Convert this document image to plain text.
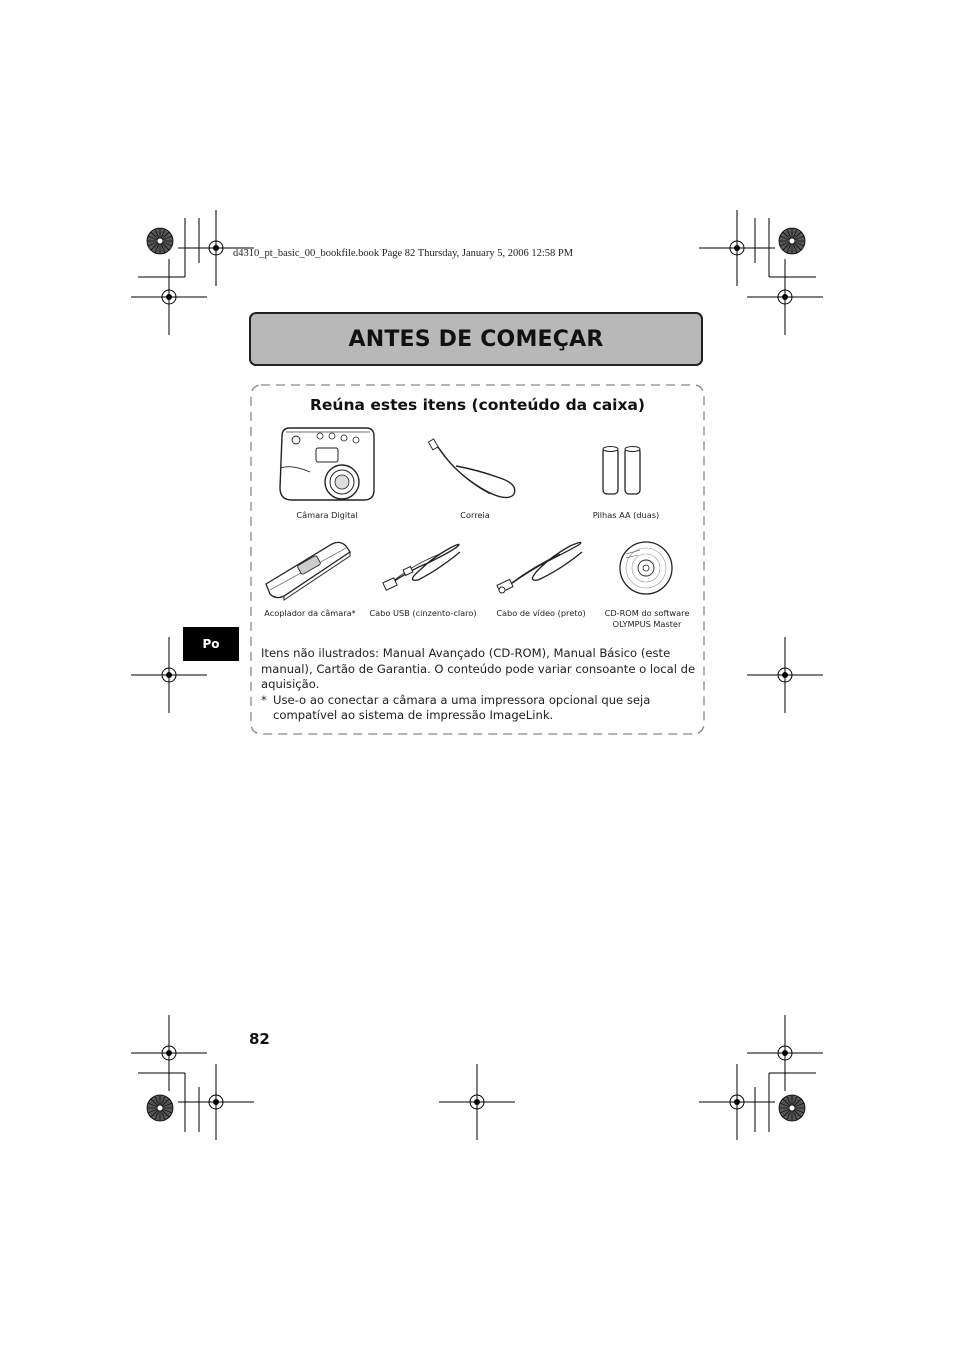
d4310_pt_basic_00_bookfile.book Page 82 Thursday, January 5, 2006 12:58 PM
ANTES DE COMEÇAR
Reúna estes itens (conteúdo da caixa)
Câmara Digital	Correia	Pilhas AA (duas)
Acoplador da câmara*	Cabo USB (cinzento-claro)	Cabo de vídeo (preto)	CD-ROM do software
OLYMPUS Master
Po
Itens não ilustrados: Manual Avançado (CD-ROM), Manual Básico (este manual), Cartão de Garantia. O conteúdo pode variar consoante o local de aquisição.
* Use-o ao conectar a câmara a uma impressora opcional que seja compatível ao sistema de impressão ImageLink.
82
